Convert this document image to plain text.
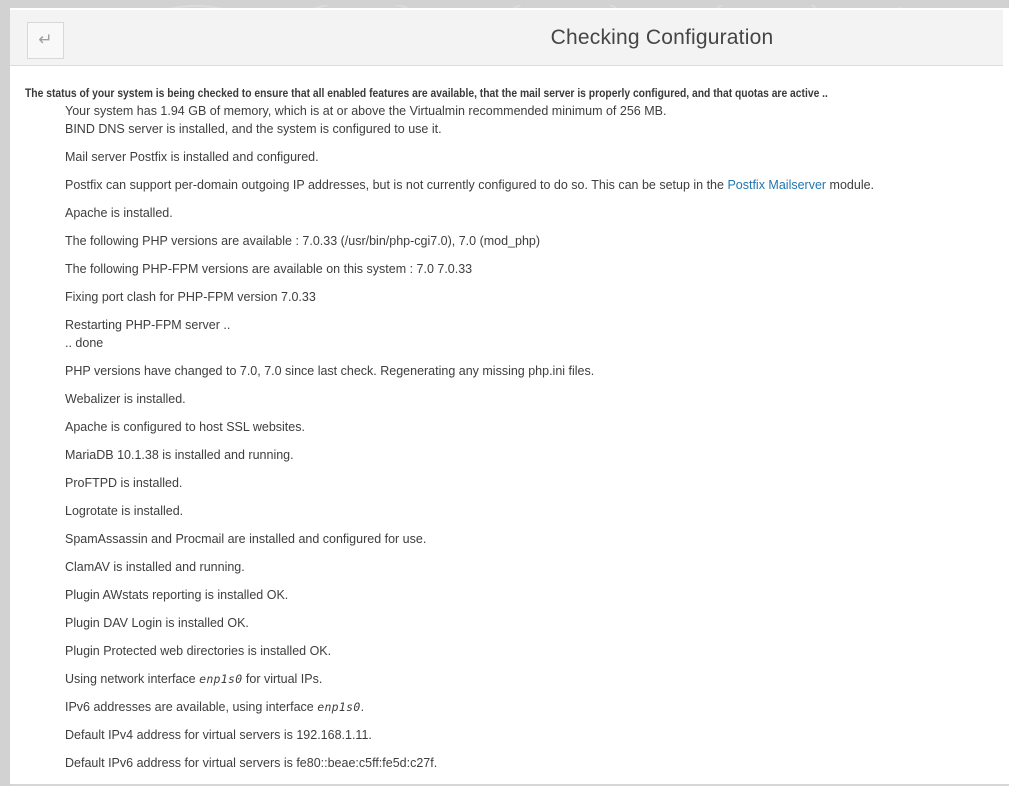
↵	Checking Configuration

The status of your system is being checked to ensure that all enabled features are available, that the mail server is properly configured, and that quotas are active ..

Your system has 1.94 GB of memory, which is at or above the Virtualmin recommended minimum of 256 MB.

BIND DNS server is installed, and the system is configured to use it.

Mail server Postfix is installed and configured.

Postfix can support per-domain outgoing IP addresses, but is not currently configured to do so. This can be setup in the Postfix Mailserver module.

Apache is installed.

The following PHP versions are available : 7.0.33 (/usr/bin/php-cgi7.0), 7.0 (mod_php)

The following PHP-FPM versions are available on this system : 7.0 7.0.33

Fixing port clash for PHP-FPM version 7.0.33

Restarting PHP-FPM server ..

.. done

PHP versions have changed to 7.0, 7.0 since last check. Regenerating any missing php.ini files.

Webalizer is installed.

Apache is configured to host SSL websites.

MariaDB 10.1.38 is installed and running.

ProFTPD is installed.

Logrotate is installed.

SpamAssassin and Procmail are installed and configured for use.

ClamAV is installed and running.

Plugin AWstats reporting is installed OK.

Plugin DAV Login is installed OK.

Plugin Protected web directories is installed OK.

Using network interface enp1s0 for virtual IPs.

IPv6 addresses are available, using interface enp1s0.

Default IPv4 address for virtual servers is 192.168.1.11.

Default IPv6 address for virtual servers is fe80::beae:c5ff:fe5d:c27f.
